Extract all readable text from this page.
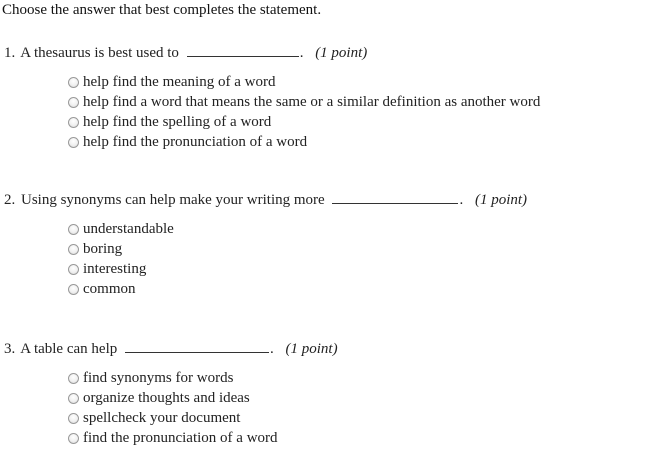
Choose the answer that best completes the statement.
1. A thesaurus is best used to	. (1 point)
help find the meaning of a word
help find a word that means the same or a similar definition as another word
help find the spelling of a word
help find the pronunciation of a word
2. Using synonyms can help make your writing more	. (1 point)
understandable
boring
interesting
common
3. A table can help	. (1 point)
find synonyms for words
organize thoughts and ideas
spellcheck your document
find the pronunciation of a word
